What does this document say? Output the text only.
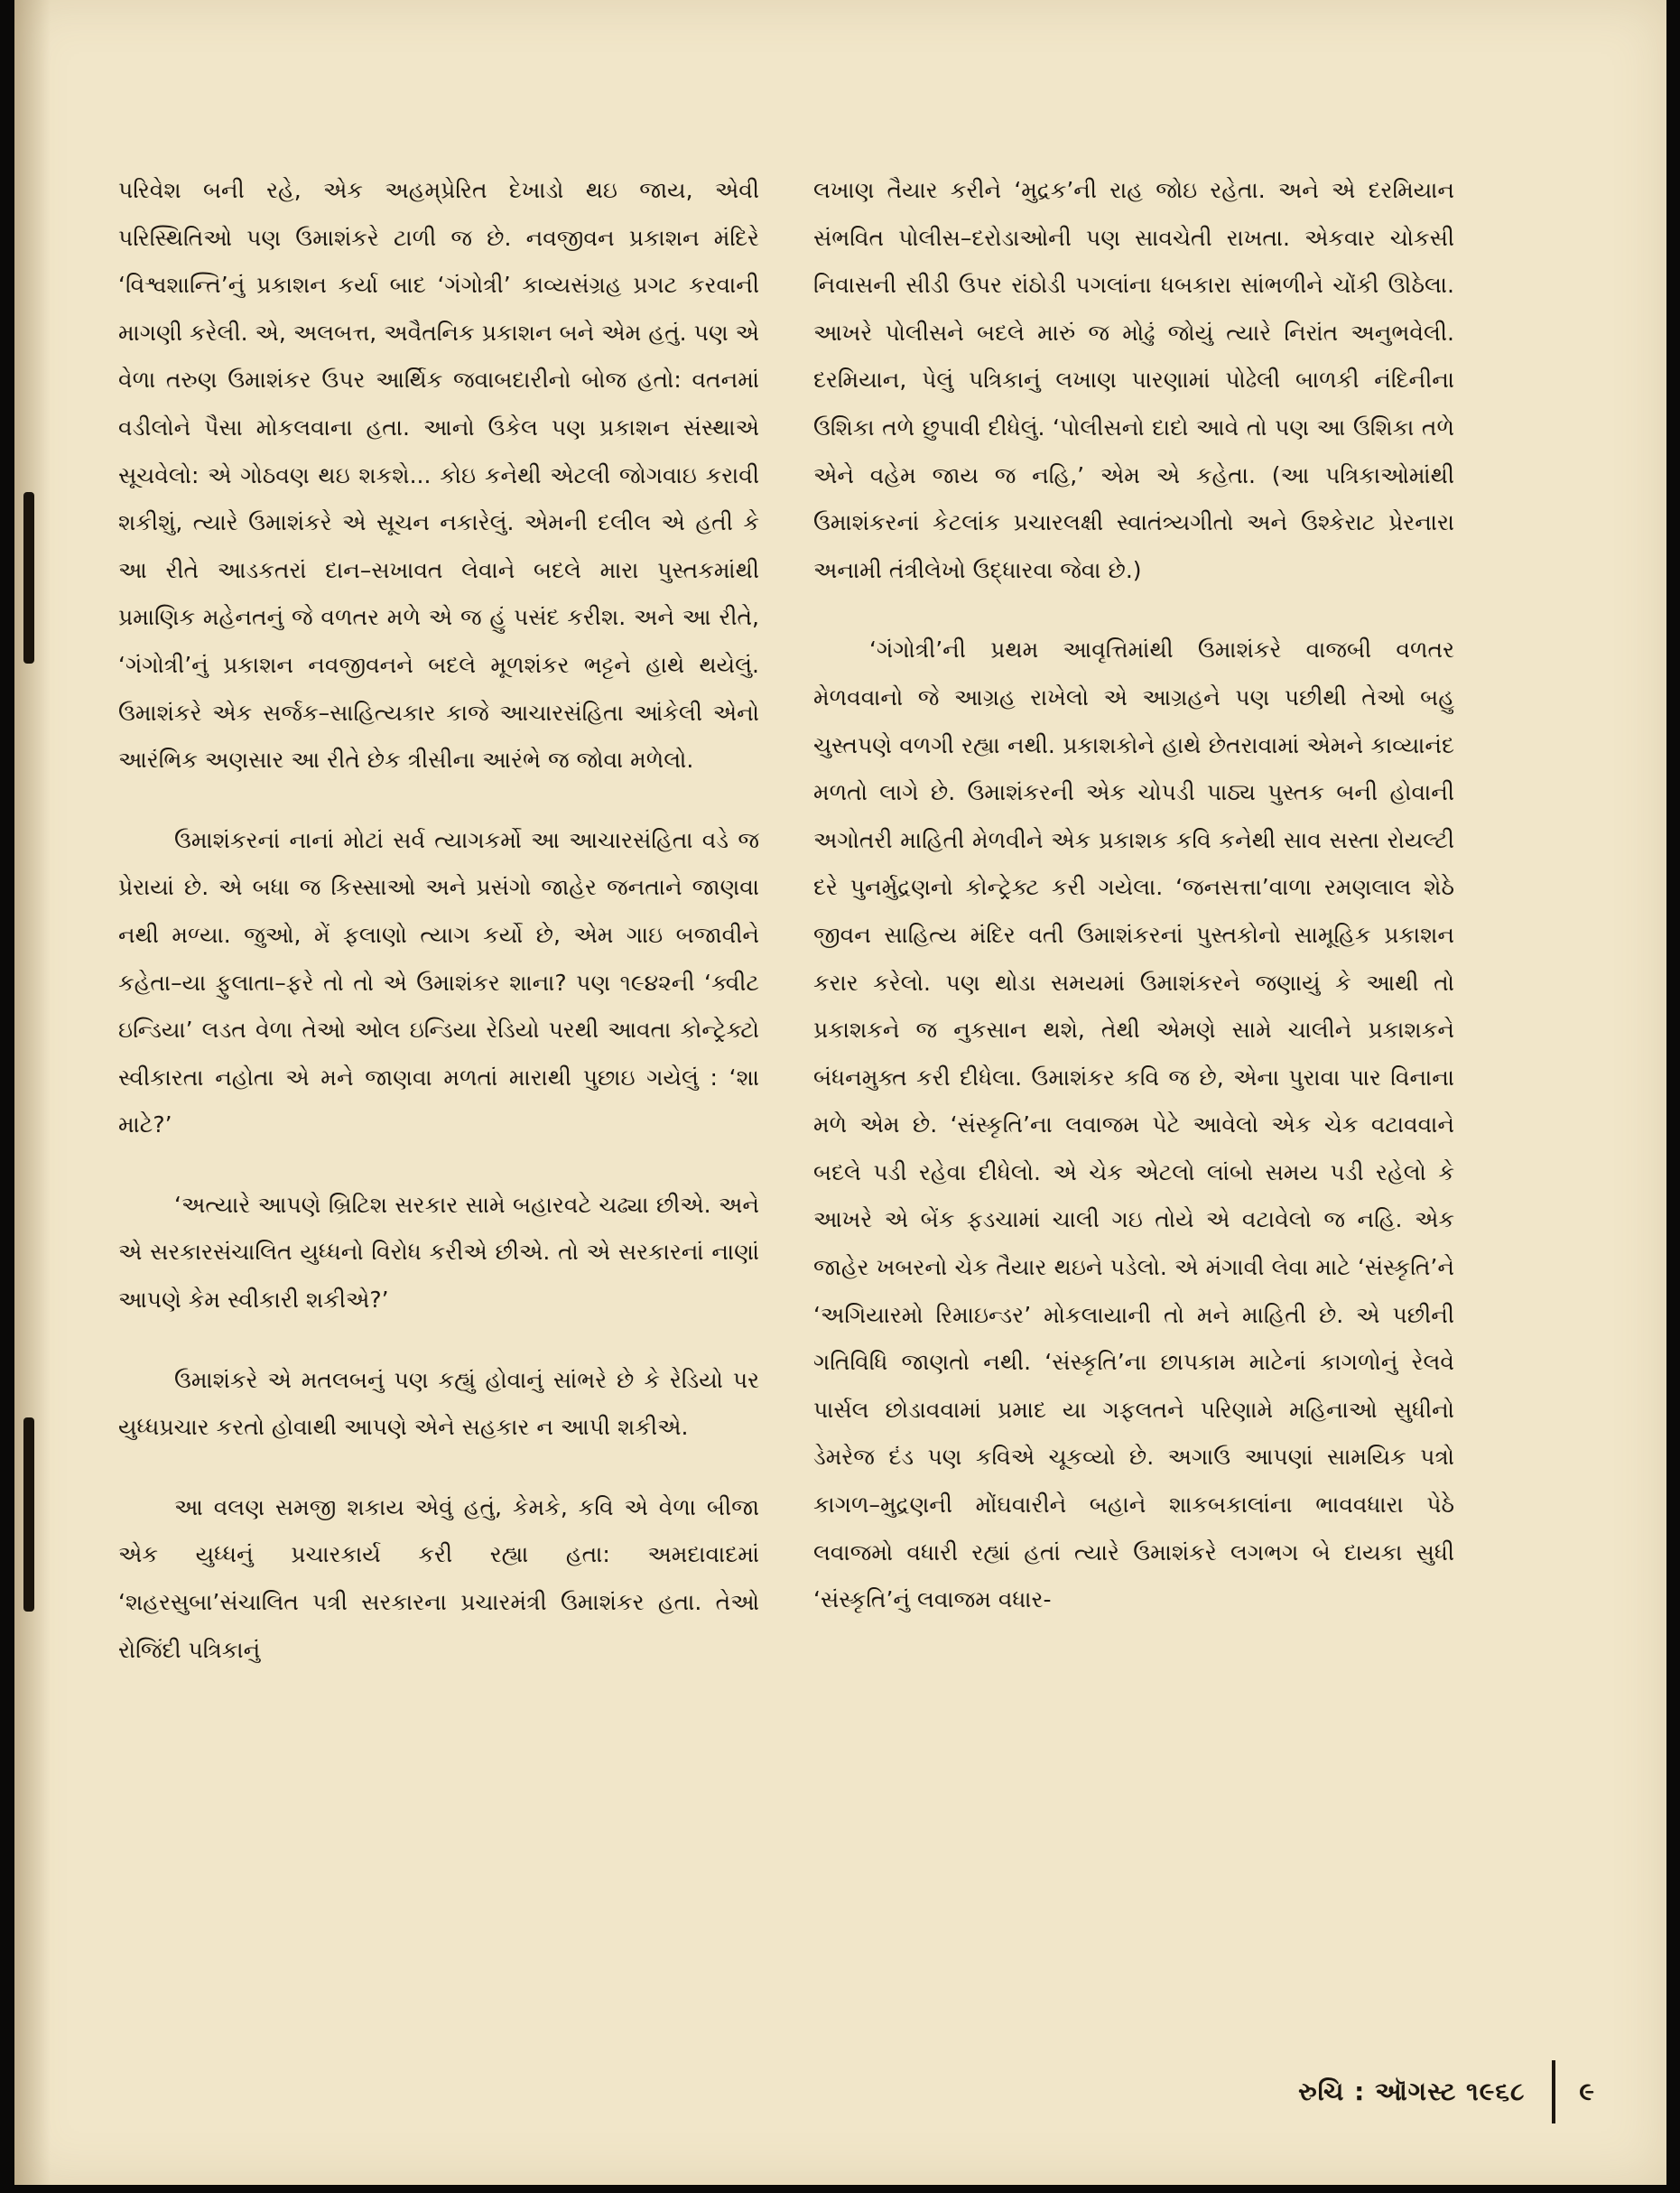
પરિવેશ બની રહે, એક અહમ્‌પ્રેરિત દેખાડો થઇ જાય, એવી પરિસ્થિતિઓ પણ ઉમાશંકરે ટાળી જ છે. નવજીવન પ્રકાશન મંદિરે ‘વિશ્વશાન્તિ’નું પ્રકાશન કર્યા બાદ ‘ગંગોત્રી’ કાવ્યસંગ્રહ પ્રગટ કરવાની માગણી કરેલી. એ, અલબત્ત, અવૈતનિક પ્રકાશન બને એમ હતું. પણ એ વેળા તરુણ ઉમાશંકર ઉપર આર્થિક જવાબદારીનો બોજ હતો: વતનમાં વડીલોને પૈસા મોકલવાના હતા. આનો ઉકેલ પણ પ્રકાશન સંસ્થાએ સૂચવેલો: એ ગોઠવણ થઇ શકશે... કોઇ કનેથી એટલી જોગવાઇ કરાવી શકીશું, ત્યારે ઉમાશંકરે એ સૂચન નકારેલું. એમની દલીલ એ હતી કે આ રીતે આડકતરાં દાન–સખાવત લેવાને બદલે મારા પુસ્તકમાંથી પ્રમાણિક મહેનતનું જે વળતર મળે એ જ હું પસંદ કરીશ. અને આ રીતે, ‘ગંગોત્રી’નું પ્રકાશન નવજીવનને બદલે મૂળશંકર ભટ્ટને હાથે થયેલું. ઉમાશંકરે એક સર્જક–સાહિત્યકાર કાજે આચારસંહિતા આંકેલી એનો આરંભિક અણસાર આ રીતે છેક ત્રીસીના આરંભે જ જોવા મળેલો.

ઉમાશંકરનાં નાનાં મોટાં સર્વ ત્યાગકર્મો આ આચારસંહિતા વડે જ પ્રેરાયાં છે. એ બધા જ કિસ્સાઓ અને પ્રસંગો જાહેર જનતાને જાણવા નથી મળ્યા. જુઓ, મેં ફલાણો ત્યાગ કર્યો છે, એમ ગાઇ બજાવીને કહેતા–યા ફુલાતા–ફરે તો તો એ ઉમાશંકર શાના? પણ ૧૯૪૨ની ‘ક્વીટ ઇન્ડિયા’ લડત વેળા તેઓ ઓલ ઇન્ડિયા રેડિયો પરથી આવતા કોન્ટ્રેક્ટો સ્વીકારતા નહોતા એ મને જાણવા મળતાં મારાથી પુછાઇ ગયેલું : ‘શા માટે?’

‘અત્યારે આપણે બ્રિટિશ સરકાર સામે બહારવટે ચઢ્યા છીએ. અને એ સરકારસંચાલિત યુધ્ધનો વિરોધ કરીએ છીએ. તો એ સરકારનાં નાણાં આપણે કેમ સ્વીકારી શકીએ?’

ઉમાશંકરે એ મતલબનું પણ કહ્યું હોવાનું સાંભરે છે કે રેડિયો પર યુધ્ધપ્રચાર કરતો હોવાથી આપણે એને સહકાર ન આપી શકીએ.

આ વલણ સમજી શકાય એવું હતું, કેમકે, કવિ એ વેળા બીજા એક યુધ્ધનું પ્રચારકાર્ય કરી રહ્યા હતા: અમદાવાદમાં ‘શહરસુબા’સંચાલિત પત્રી સરકારના પ્રચારમંત્રી ઉમાશંકર હતા. તેઓ રોજિંદી પત્રિકાનું

લખાણ તૈયાર કરીને ‘મુદ્રક’ની રાહ જોઇ રહેતા. અને એ દરમિયાન સંભવિત પોલીસ–દરોડાઓની પણ સાવચેતી રાખતા. એકવાર ચોકસી નિવાસની સીડી ઉપર રાંઠોડી પગલાંના ધબકારા સાંભળીને ચોંકી ઊઠેલા. આખરે પોલીસને બદલે મારું જ મોઢું જોયું ત્યારે નિરાંત અનુભવેલી. દરમિયાન, પેલું પત્રિકાનું લખાણ પારણામાં પોઢેલી બાળકી નંદિનીના ઉશિકા તળે છુપાવી દીધેલું. ‘પોલીસનો દાદો આવે તો પણ આ ઉશિકા તળે એને વહેમ જાય જ નહિ,’ એમ એ કહેતા. (આ પત્રિકાઓમાંથી ઉમાશંકરનાં કેટલાંક પ્રચારલક્ષી સ્વાતંત્ર્યગીતો અને ઉશ્કેરાટ પ્રેરનારા અનામી તંત્રીલેખો ઉદ્ધારવા જેવા છે.)

‘ગંગોત્રી’ની પ્રથમ આવૃત્તિમાંથી ઉમાશંકરે વાજબી વળતર મેળવવાનો જે આગ્રહ રાખેલો એ આગ્રહને પણ પછીથી તેઓ બહુ ચુસ્તપણે વળગી રહ્યા નથી. પ્રકાશકોને હાથે છેતરાવામાં એમને કાવ્યાનંદ મળતો લાગે છે. ઉમાશંકરની એક ચોપડી પાઠ્ય પુસ્તક બની હોવાની અગોતરી માહિતી મેળવીને એક પ્રકાશક કવિ કનેથી સાવ સસ્તા રોયલ્ટી દરે પુનર્મુદ્રણનો કોન્ટ્રેક્ટ કરી ગયેલા. ‘જનસત્તા’વાળા રમણલાલ શેઠે જીવન સાહિત્ય મંદિર વતી ઉમાશંકરનાં પુસ્તકોનો સામૂહિક પ્રકાશન કરાર કરેલો. પણ થોડા સમયમાં ઉમાશંકરને જણાયું કે આથી તો પ્રકાશકને જ નુકસાન થશે, તેથી એમણે સામે ચાલીને પ્રકાશકને બંધનમુક્ત કરી દીધેલા. ઉમાશંકર કવિ જ છે, એના પુરાવા પાર વિનાના મળે એમ છે. ‘સંસ્કૃતિ’ના લવાજમ પેટે આવેલો એક ચેક વટાવવાને બદલે પડી રહેવા દીધેલો. એ ચેક એટલો લાંબો સમય પડી રહેલો કે આખરે એ બેંક ફડચામાં ચાલી ગઇ તોયે એ વટાવેલો જ નહિ. એક જાહેર ખબરનો ચેક તૈયાર થઇને પડેલો. એ મંગાવી લેવા માટે ‘સંસ્કૃતિ’ને ‘અગિયારમો રિમાઇન્ડર’ મોકલાયાની તો મને માહિતી છે. એ પછીની ગતિવિધિ જાણતો નથી. ‘સંસ્કૃતિ’ના છાપકામ માટેનાં કાગળોનું રેલવે પાર્સલ છોડાવવામાં પ્રમાદ યા ગફલતને પરિણામે મહિનાઓ સુધીનો ડેમરેજ દંડ પણ કવિએ ચૂકવ્યો છે. અગાઉ આપણાં સામયિક પત્રો કાગળ–મુદ્રણની મોંઘવારીને બહાને શાકબકાલાંના ભાવવધારા પેઠે લવાજમો વધારી રહ્યાં હતાં ત્યારે ઉમાશંકરે લગભગ બે દાયકા સુધી ‘સંસ્કૃતિ’નું લવાજમ વધાર-

રુચિ : ઑગસ્ટ ૧૯૬૮ ૯
